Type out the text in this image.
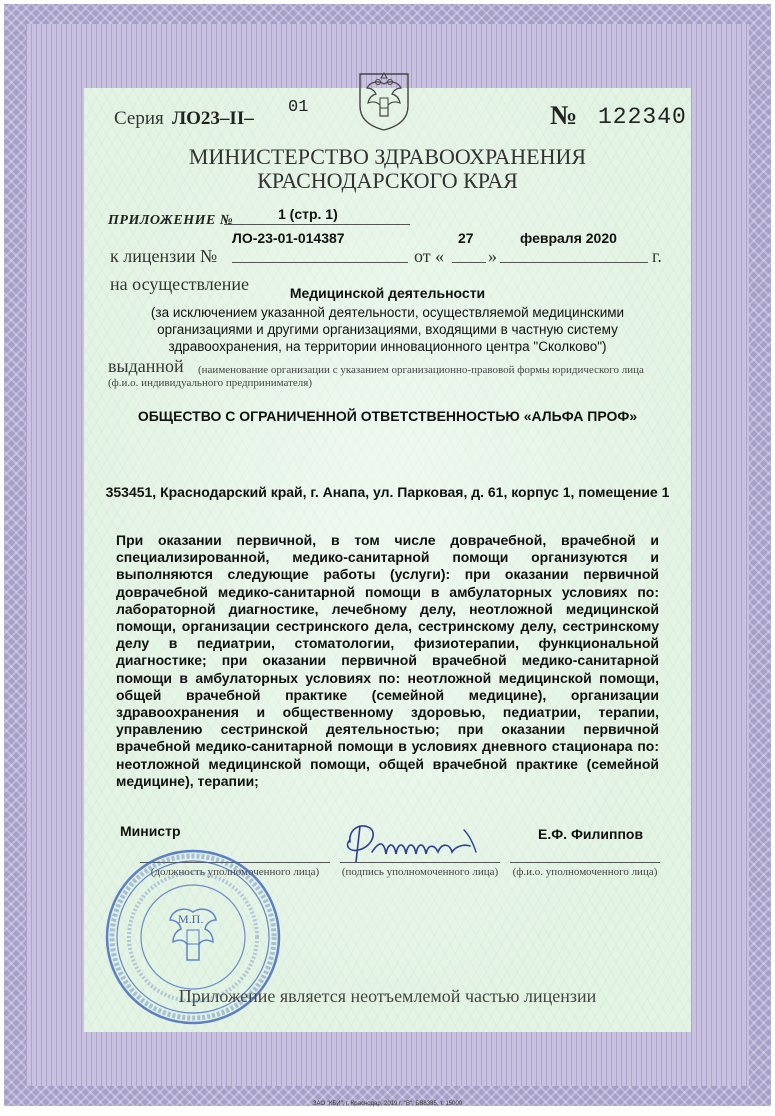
Серия ЛО23–II–
01	№ 122340
МИНИСТЕРСТВО ЗДРАВООХРАНЕНИЯ
КРАСНОДАРСКОГО КРАЯ
ПРИЛОЖЕНИЕ №	1 (стр. 1)
ЛО-23-01-014387	27	февраля 2020
к лицензии №	от « »	г.
на осуществление	Медицинской деятельности
(за исключением указанной деятельности, осуществляемой медицинскими организациями и другими организациями, входящими в частную систему здравоохранения, на территории инновационного центра "Сколково")
выданной (наименование организации с указанием организационно-правовой формы юридического лица
(ф.и.о. индивидуального предпринимателя)
ОБЩЕСТВО С ОГРАНИЧЕННОЙ ОТВЕТСТВЕННОСТЬЮ «АЛЬФА ПРОФ»
353451, Краснодарский край, г. Анапа, ул. Парковая, д. 61, корпус 1, помещение 1
При оказании первичной, в том числе доврачебной, врачебной и специализированной, медико-санитарной помощи организуются и выполняются следующие работы (услуги): при оказании первичной доврачебной медико-санитарной помощи в амбулаторных условиях по: лабораторной диагностике, лечебному делу, неотложной медицинской помощи, организации сестринского дела, сестринскому делу, сестринскому делу в педиатрии, стоматологии, физиотерапии, функциональной диагностике; при оказании первичной врачебной медико-санитарной помощи в амбулаторных условиях по: неотложной медицинской помощи, общей врачебной практике (семейной медицине), организации здравоохранения и общественному здоровью, педиатрии, терапии, управлению сестринской деятельностью; при оказании первичной врачебной медико-санитарной помощи в условиях дневного стационара по: неотложной медицинской помощи, общей врачебной практике (семейной медицине), терапии;
Министр	Е.Ф. Филиппов
(должность уполномоченного лица)	(подпись уполномоченного лица) (ф.и.о. уполномоченного лица)
М.П.
Приложение является неотъемлемой частью лицензии
ЗАО "КБИ", г. Краснодар, 2019 г. "В", БВ8385, т. 15000
